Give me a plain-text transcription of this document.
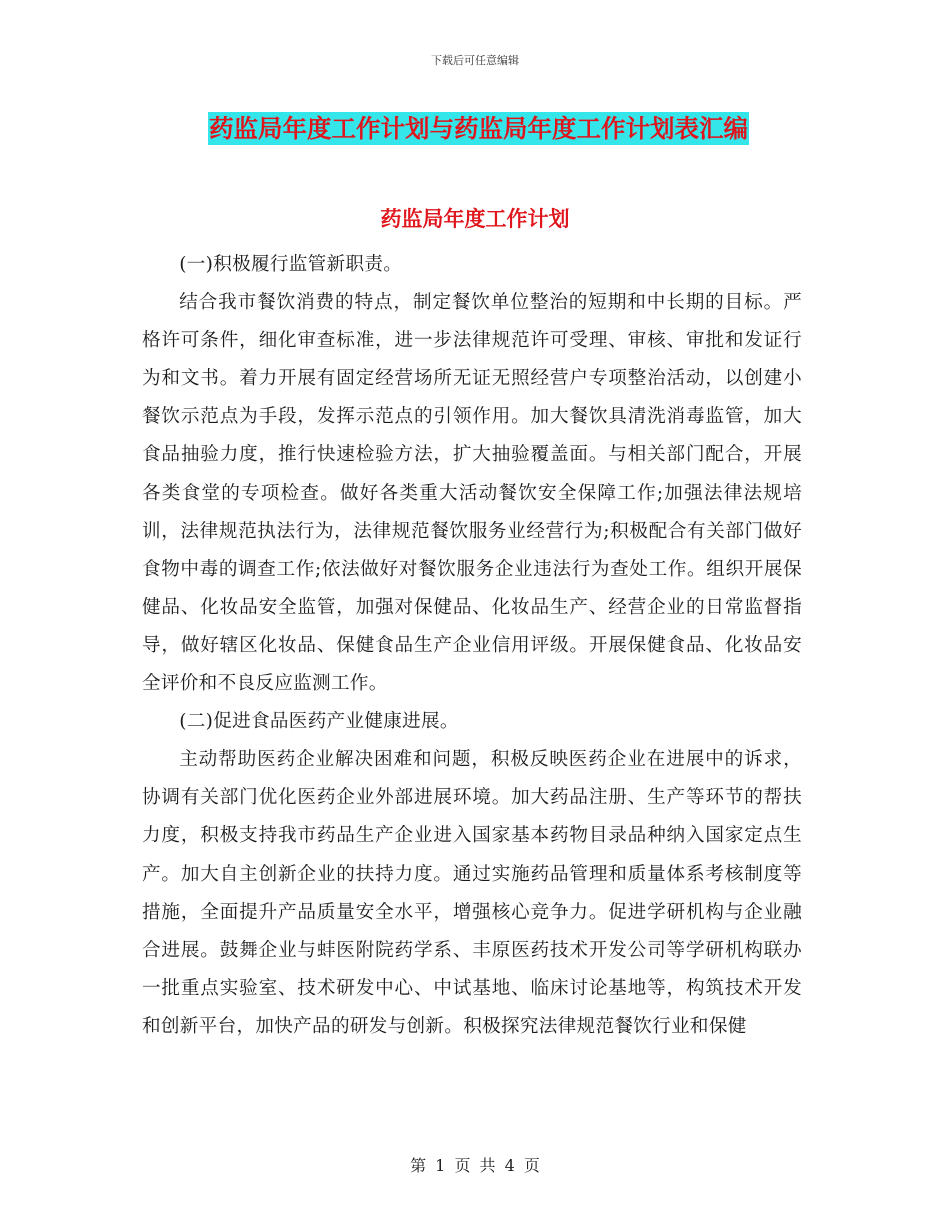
下载后可任意编辑
药监局年度工作计划与药监局年度工作计划表汇编
药监局年度工作计划

(一)积极履行监管新职责。

结合我市餐饮消费的特点，制定餐饮单位整治的短期和中长期的目标。严格许可条件，细化审查标准，进一步法律规范许可受理、审核、审批和发证行为和文书。着力开展有固定经营场所无证无照经营户专项整治活动，以创建小餐饮示范点为手段，发挥示范点的引领作用。加大餐饮具清洗消毒监管，加大食品抽验力度，推行快速检验方法，扩大抽验覆盖面。与相关部门配合，开展各类食堂的专项检查。做好各类重大活动餐饮安全保障工作;加强法律法规培训，法律规范执法行为，法律规范餐饮服务业经营行为;积极配合有关部门做好食物中毒的调查工作;依法做好对餐饮服务企业违法行为查处工作。组织开展保健品、化妆品安全监管，加强对保健品、化妆品生产、经营企业的日常监督指导，做好辖区化妆品、保健食品生产企业信用评级。开展保健食品、化妆品安全评价和不良反应监测工作。

(二)促进食品医药产业健康进展。

主动帮助医药企业解决困难和问题，积极反映医药企业在进展中的诉求，协调有关部门优化医药企业外部进展环境。加大药品注册、生产等环节的帮扶力度，积极支持我市药品生产企业进入国家基本药物目录品种纳入国家定点生产。加大自主创新企业的扶持力度。通过实施药品管理和质量体系考核制度等措施，全面提升产品质量安全水平，增强核心竞争力。促进学研机构与企业融合进展。鼓舞企业与蚌医附院药学系、丰原医药技术开发公司等学研机构联办一批重点实验室、技术研发中心、中试基地、临床讨论基地等，构筑技术开发和创新平台，加快产品的研发与创新。积极探究法律规范餐饮行业和保健

第 1 页 共 4 页
